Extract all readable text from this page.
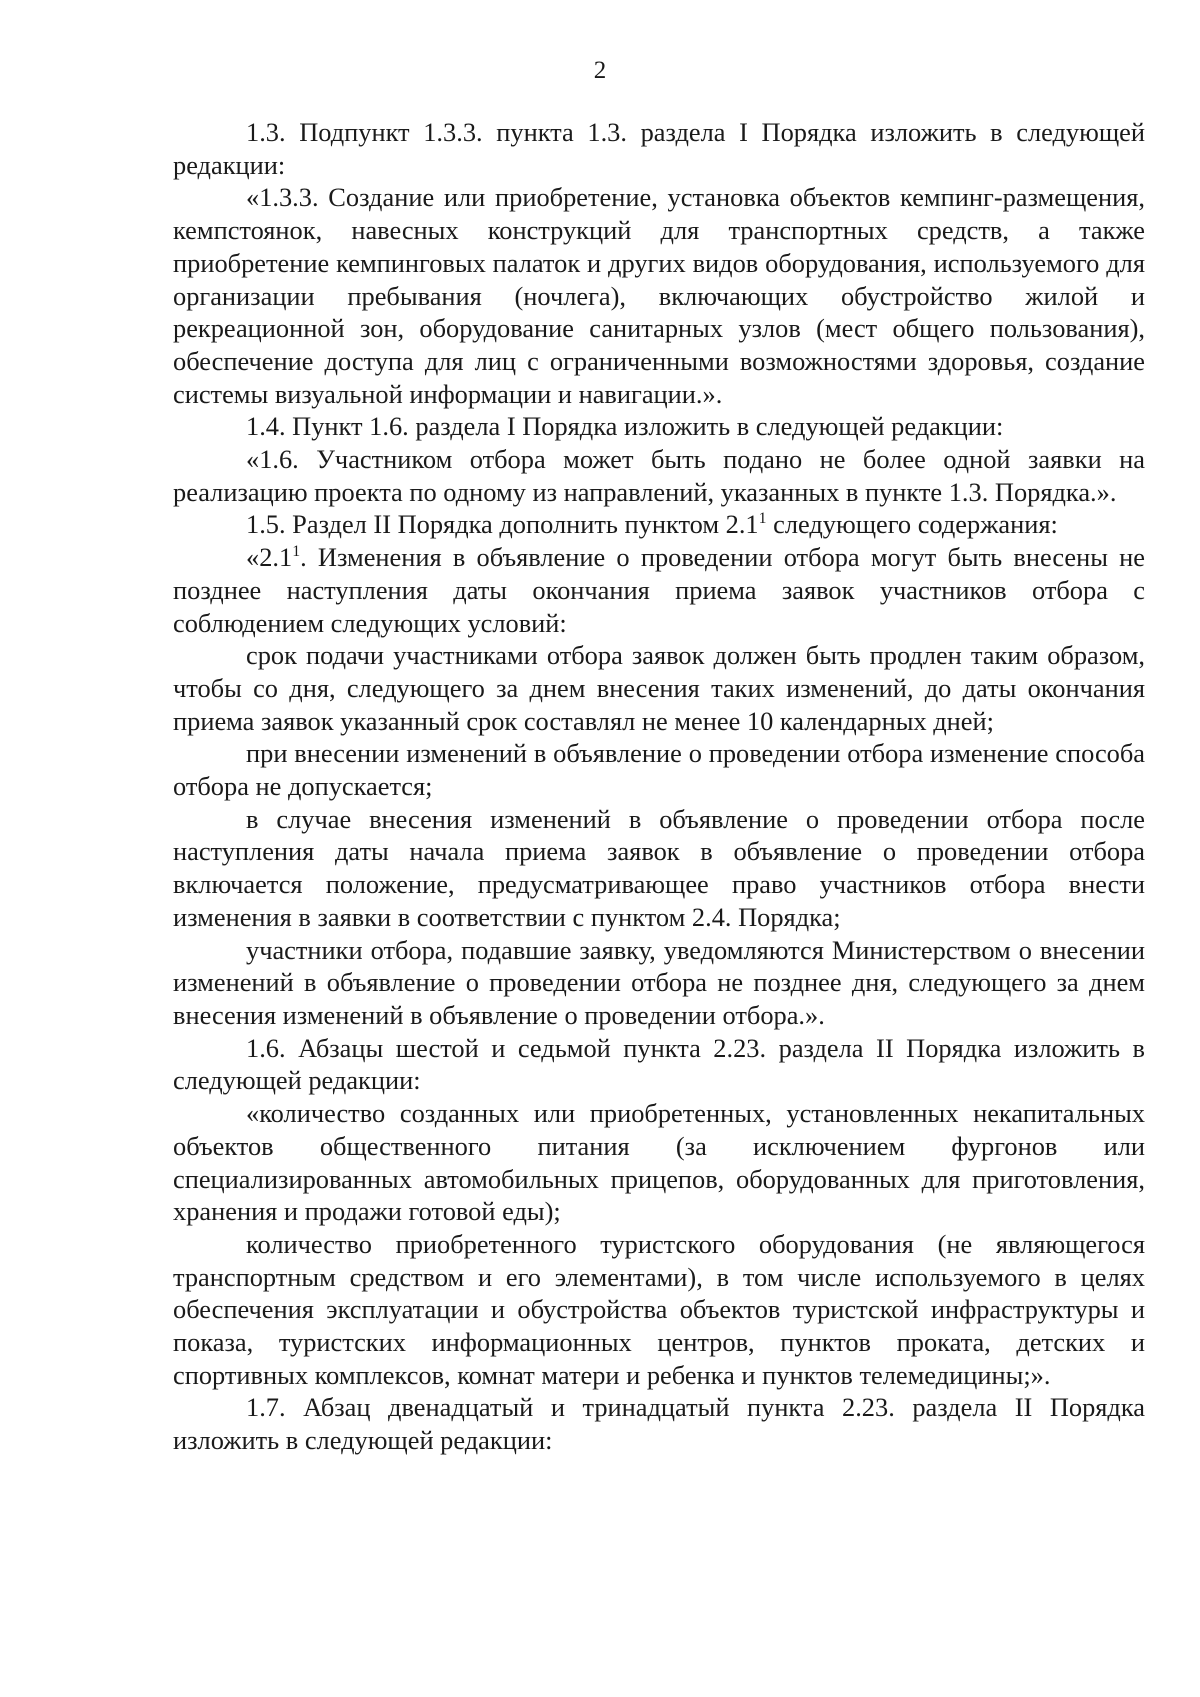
2

1.3. Подпункт 1.3.3. пункта 1.3. раздела I Порядка изложить в следующей редакции:

«1.3.3. Создание или приобретение, установка объектов кемпинг-размещения, кемпстоянок, навесных конструкций для транспортных средств, а также приобретение кемпинговых палаток и других видов оборудования, используемого для организации пребывания (ночлега), включающих обустройство жилой и рекреационной зон, оборудование санитарных узлов (мест общего пользования), обеспечение доступа для лиц с ограниченными возможностями здоровья, создание системы визуальной информации и навигации.».

1.4. Пункт 1.6. раздела I Порядка изложить в следующей редакции:

«1.6. Участником отбора может быть подано не более одной заявки на реализацию проекта по одному из направлений, указанных в пункте 1.3. Порядка.».

1.5. Раздел II Порядка дополнить пунктом $2.1^1$ следующего содержания:

«$2.1^1$. Изменения в объявление о проведении отбора могут быть внесены не позднее наступления даты окончания приема заявок участников отбора с соблюдением следующих условий:

срок подачи участниками отбора заявок должен быть продлен таким образом, чтобы со дня, следующего за днем внесения таких изменений, до даты окончания приема заявок указанный срок составлял не менее 10 календарных дней;

при внесении изменений в объявление о проведении отбора изменение способа отбора не допускается;

в случае внесения изменений в объявление о проведении отбора после наступления даты начала приема заявок в объявление о проведении отбора включается положение, предусматривающее право участников отбора внести изменения в заявки в соответствии с пунктом 2.4. Порядка;

участники отбора, подавшие заявку, уведомляются Министерством о внесении изменений в объявление о проведении отбора не позднее дня, следующего за днем внесения изменений в объявление о проведении отбора.».

1.6. Абзацы шестой и седьмой пункта 2.23. раздела II Порядка изложить в следующей редакции:

«количество созданных или приобретенных, установленных некапитальных объектов общественного питания (за исключением фургонов или специализированных автомобильных прицепов, оборудованных для приготовления, хранения и продажи готовой еды);

количество приобретенного туристского оборудования (не являющегося транспортным средством и его элементами), в том числе используемого в целях обеспечения эксплуатации и обустройства объектов туристской инфраструктуры и показа, туристских информационных центров, пунктов проката, детских и спортивных комплексов, комнат матери и ребенка и пунктов телемедицины;».

1.7. Абзац двенадцатый и тринадцатый пункта 2.23. раздела II Порядка изложить в следующей редакции:
